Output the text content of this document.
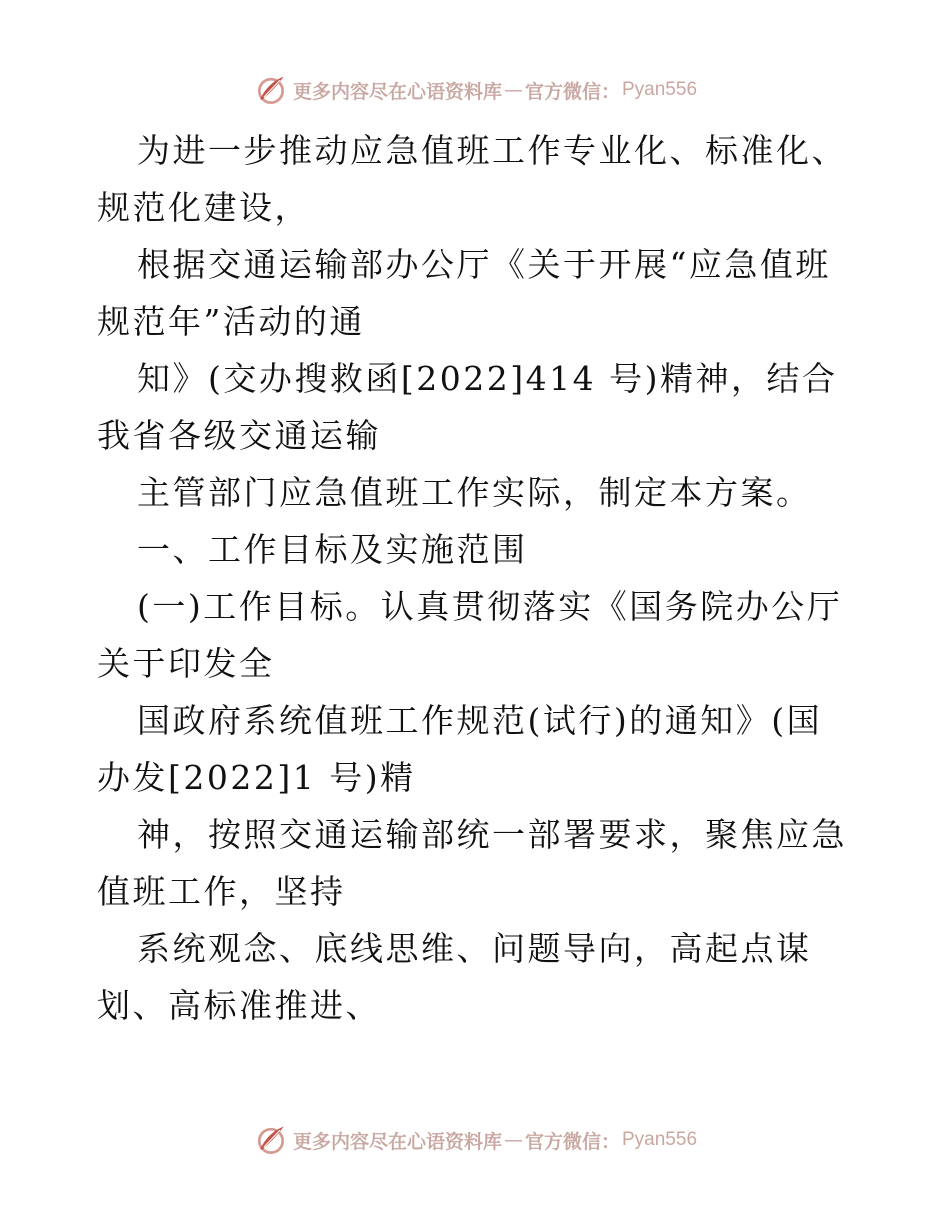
更多内容尽在心语资料库 — 官方微信： Pyan556

为进一步推动应急值班工作专业化、标准化、规范化建设，

根据交通运输部办公厅《关于开展“应急值班规范年”活动的通

知》(交办搜救函[2022]414 号)精神，结合我省各级交通运输

主管部门应急值班工作实际，制定本方案。

一、工作目标及实施范围

(一)工作目标。认真贯彻落实《国务院办公厅关于印发全

国政府系统值班工作规范(试行)的通知》(国办发[2022]1 号)精

神，按照交通运输部统一部署要求，聚焦应急值班工作，坚持

系统观念、底线思维、问题导向，高起点谋划、高标准推进、

更多内容尽在心语资料库 — 官方微信： Pyan556
